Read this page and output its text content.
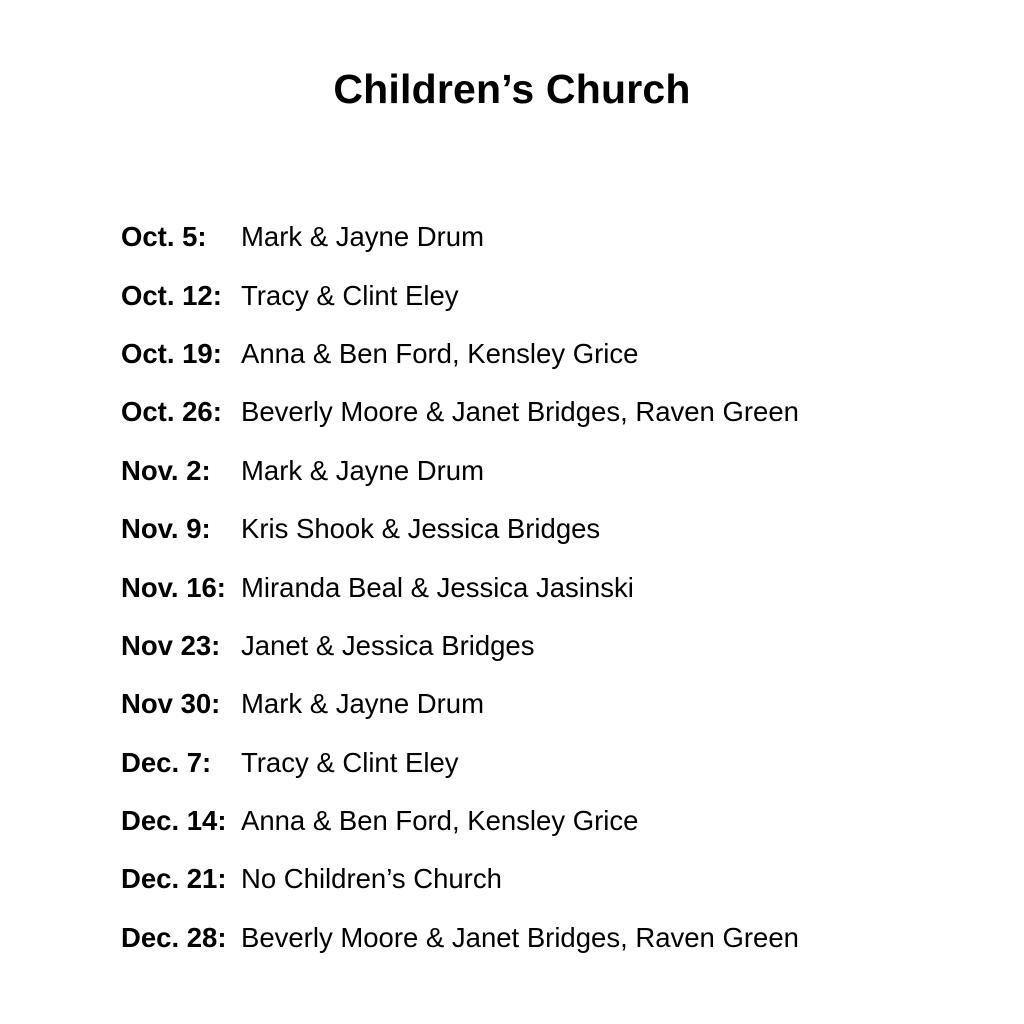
Children’s Church
Oct. 5:	Mark & Jayne Drum
Oct. 12: Tracy & Clint Eley
Oct. 19: Anna & Ben Ford, Kensley Grice
Oct. 26: Beverly Moore & Janet Bridges, Raven Green
Nov. 2:	Mark & Jayne Drum
Nov. 9:	Kris Shook & Jessica Bridges
Nov. 16: Miranda Beal & Jessica Jasinski
Nov 23: Janet & Jessica Bridges
Nov 30: Mark & Jayne Drum
Dec. 7:	Tracy & Clint Eley
Dec. 14: Anna & Ben Ford, Kensley Grice
Dec. 21: No Children’s Church
Dec. 28: Beverly Moore & Janet Bridges, Raven Green
